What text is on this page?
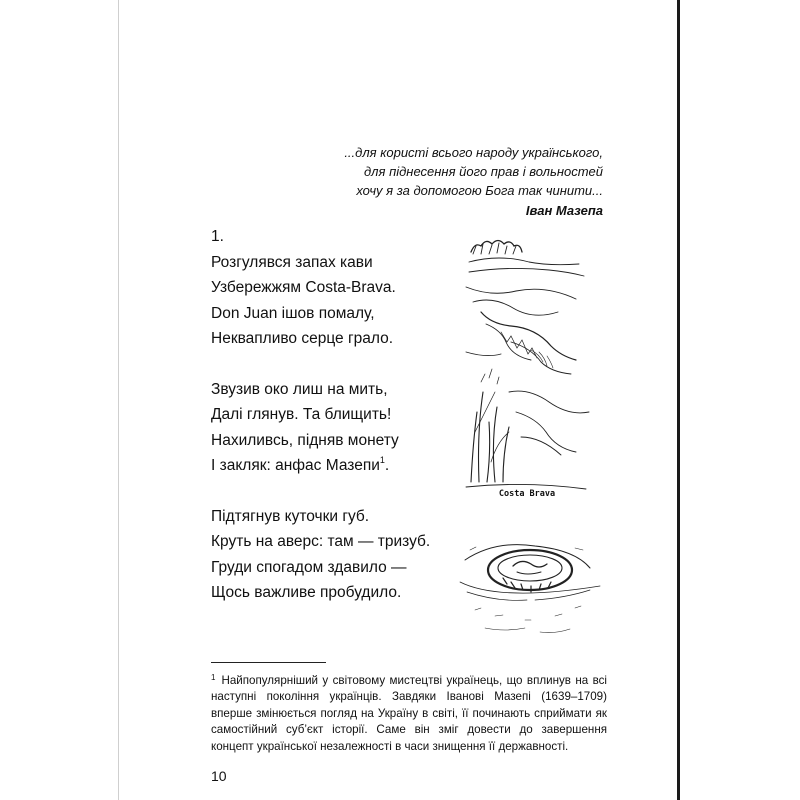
...для користі всього народу українського,
для піднесення його прав і вольностей
хочу я за допомогою Бога так чинити...
Іван Мазепа
1.
Розгулявся запах кави
Узбережжям Costa-Brava.
Don Juan ішов помалу,
Неквапливо серце грало.
Звузив око лиш на мить,
Далі глянув. Та блищить!
Нахиливсь, підняв монету
І закляк: анфас Мазепи$^1$.
Підтягнув куточки губ.
Круть на аверс: там — тризуб.
Груди спогадом здавило —
Щось важливе пробудило.
Costa Brava
$^1$ Найпопулярніший у світовому мистецтві українець, що вплинув на всі наступні покоління українців. Завдяки Іванові Мазепі (1639–1709) вперше змінюється погляд на Україну в світі, її починають сприймати як самостійний суб’єкт історії. Саме він зміг довести до завершення концепт української незалежності в часи знищення її державності.
10
